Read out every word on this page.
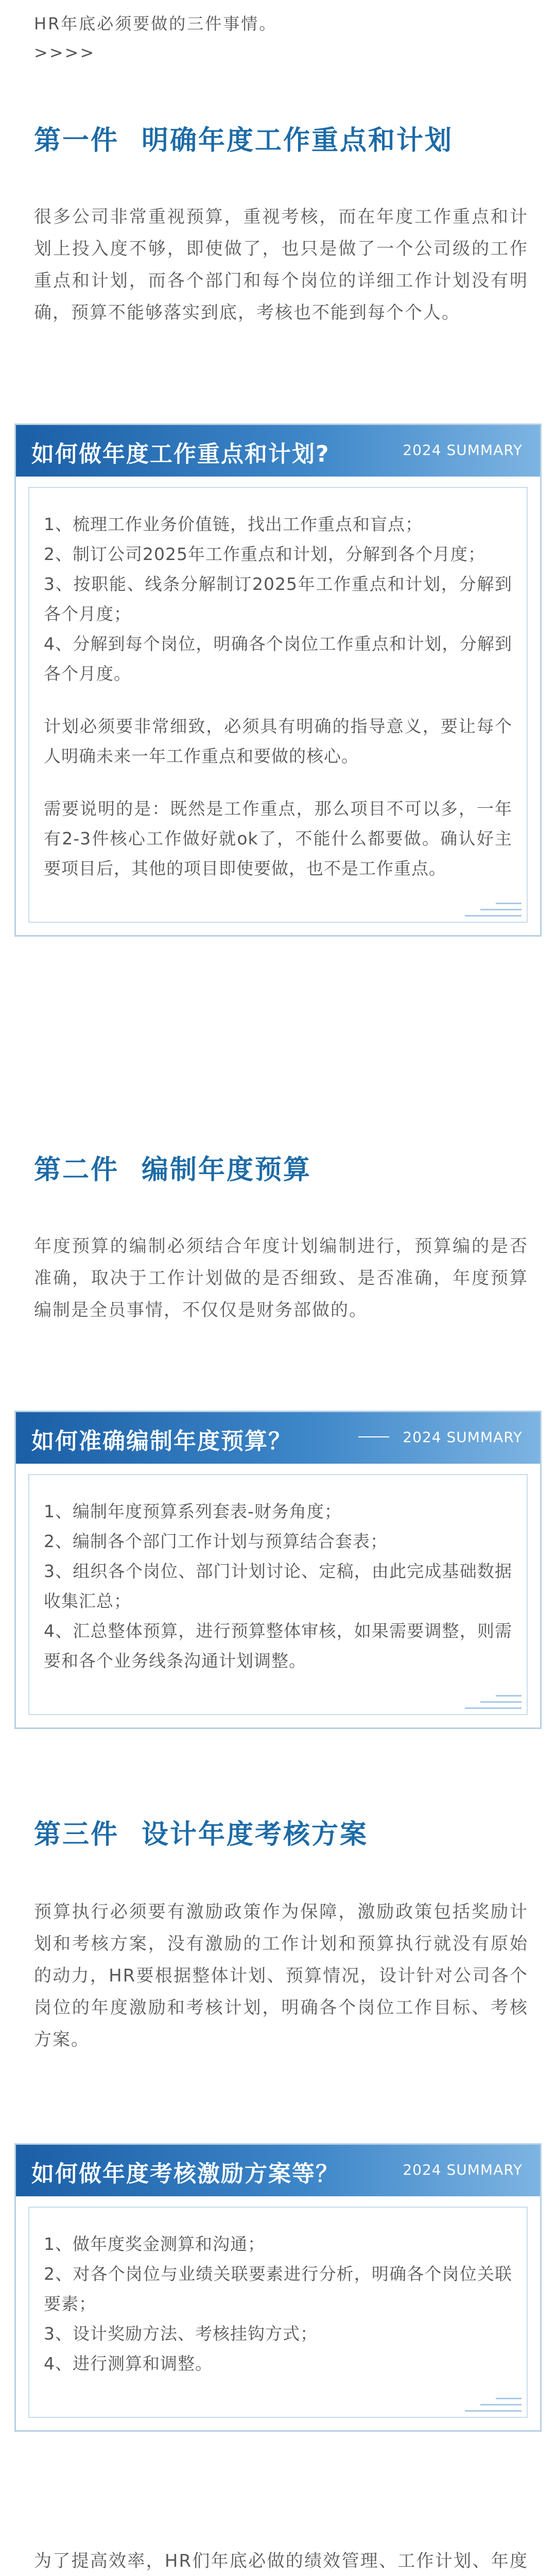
HR年底必须要做的三件事情。
>>>>
第一件 明确年度工作重点和计划
很多公司非常重视预算，重视考核，而在年度工作重点和计划上投入度不够，即使做了，也只是做了一个公司级的工作重点和计划，而各个部门和每个岗位的详细工作计划没有明确，预算不能够落实到底，考核也不能到每个个人。
如何做年度工作重点和计划?	2024 SUMMARY
1、梳理工作业务价值链，找出工作重点和盲点；
2、制订公司2025年工作重点和计划，分解到各个月度；
3、按职能、线条分解制订2025年工作重点和计划，分解到各个月度；
4、分解到每个岗位，明确各个岗位工作重点和计划，分解到各个月度。
计划必须要非常细致，必须具有明确的指导意义，要让每个人明确未来一年工作重点和要做的核心。
需要说明的是：既然是工作重点，那么项目不可以多，一年有2-3件核心工作做好就ok了，不能什么都要做。确认好主要项目后，其他的项目即使要做，也不是工作重点。
第二件 编制年度预算
年度预算的编制必须结合年度计划编制进行，预算编的是否准确，取决于工作计划做的是否细致、是否准确，年度预算编制是全员事情，不仅仅是财务部做的。
如何准确编制年度预算？	2024 SUMMARY
1、编制年度预算系列套表-财务角度；
2、编制各个部门工作计划与预算结合套表；
3、组织各个岗位、部门计划讨论、定稿，由此完成基础数据收集汇总；
4、汇总整体预算，进行预算整体审核，如果需要调整，则需要和各个业务线条沟通计划调整。
第三件 设计年度考核方案
预算执行必须要有激励政策作为保障，激励政策包括奖励计划和考核方案，没有激励的工作计划和预算执行就没有原始的动力，HR要根据整体计划、预算情况，设计针对公司各个岗位的年度激励和考核计划，明确各个岗位工作目标、考核方案。
如何做年度考核激励方案等？	2024 SUMMARY
1、做年度奖金测算和沟通；
2、对各个岗位与业绩关联要素进行分析，明确各个岗位关联要素；
3、设计奖励方法、考核挂钩方式；
4、进行测算和调整。
为了提高效率，HR们年底必做的绩效管理、工作计划、年度
